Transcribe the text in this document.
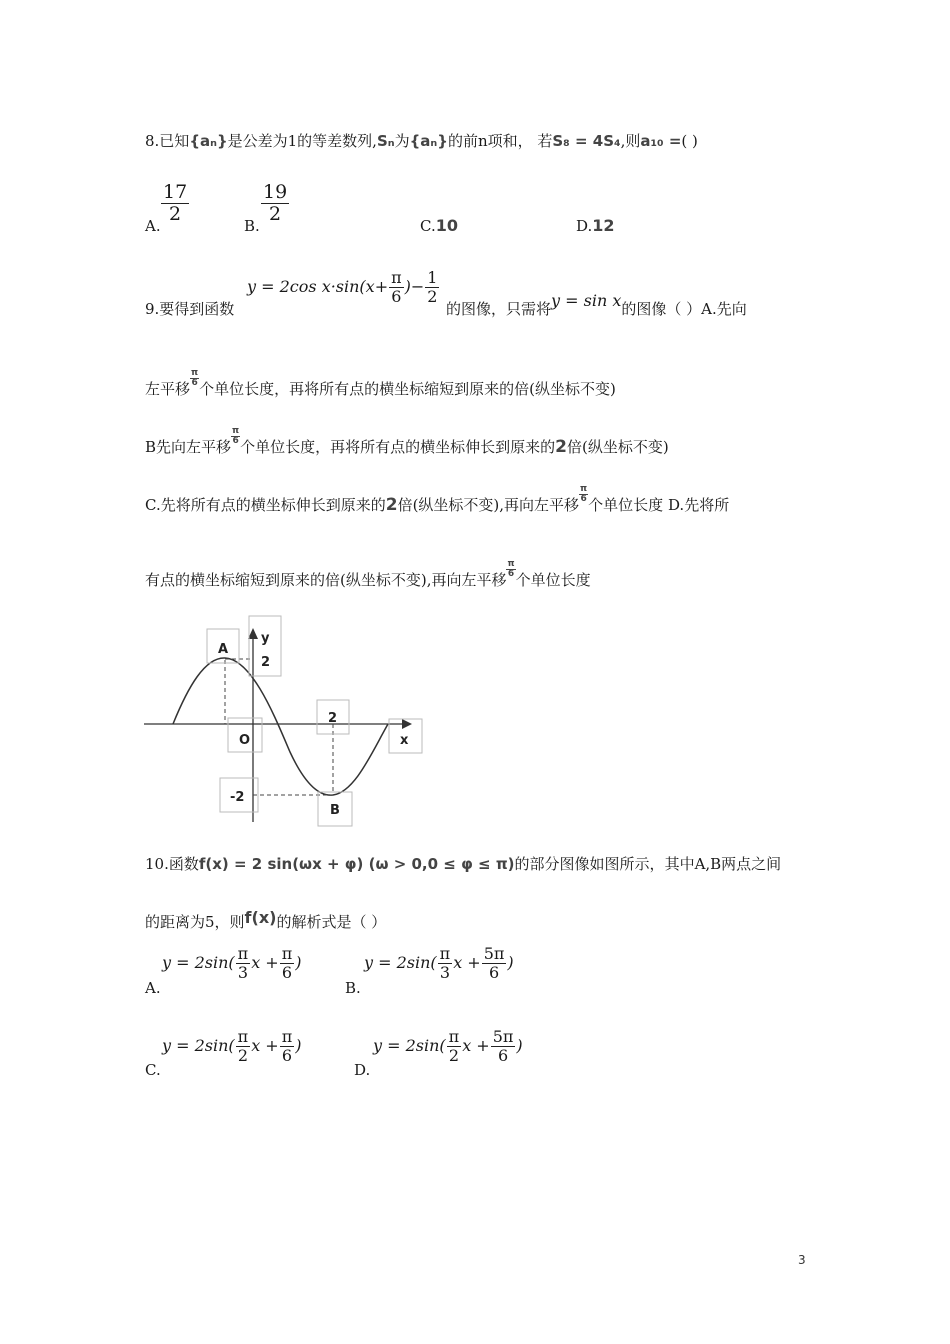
8.已知{aₙ}是公差为1的等差数列,Sₙ为{aₙ}的前n项和， 若S₈ = 4S₄,则a₁₀ =( )
A.
$\frac{17}{2}$
B.
$\frac{19}{2}$
C.10	D.12
9.要得到函数
y = 2cos $x\cdot\sin(x+ \frac{\pi}{6}$ )− $\frac{1}{2}$
的图像，只需将y = sin x的图像（ ）A.先向
左平移
$\frac{\pi}{6}$
个单位长度，再将所有点的横坐标缩短到原来的倍(纵坐标不变)
B先向左平移
$\frac{\pi}{6}$
个单位长度，再将所有点的横坐标伸长到原来的2倍(纵坐标不变)
C.先将所有点的横坐标伸长到原来的2倍(纵坐标不变),再向左平移
$\frac{\pi}{6}$
个单位长度 D.先将所
有点的横坐标缩短到原来的倍(纵坐标不变),再向左平移
$\frac{\pi}{6}$
个单位长度
A
y
2
2
O	x
-2
B
10.函数f(x) = 2 sin(ωx + φ) (ω > 0,0 ≤ φ ≤ π)的部分图像如图所示，其中A,B两点之间
的距离为5，则f(x)的解析式是（ ）
A.
$y = 2\sin( \frac{\pi}{3}$ $x + \frac{\pi}{6}$ )
B.
$y = 2\sin( \frac{\pi}{3}$ $x + \frac{5\pi}{6}$ )
C.
$y = 2\sin( \frac{\pi}{2}$ $x + \frac{\pi}{6}$ )
D.
$y = 2\sin( \frac{\pi}{2}$ $x + \frac{5\pi}{6}$ )
3
